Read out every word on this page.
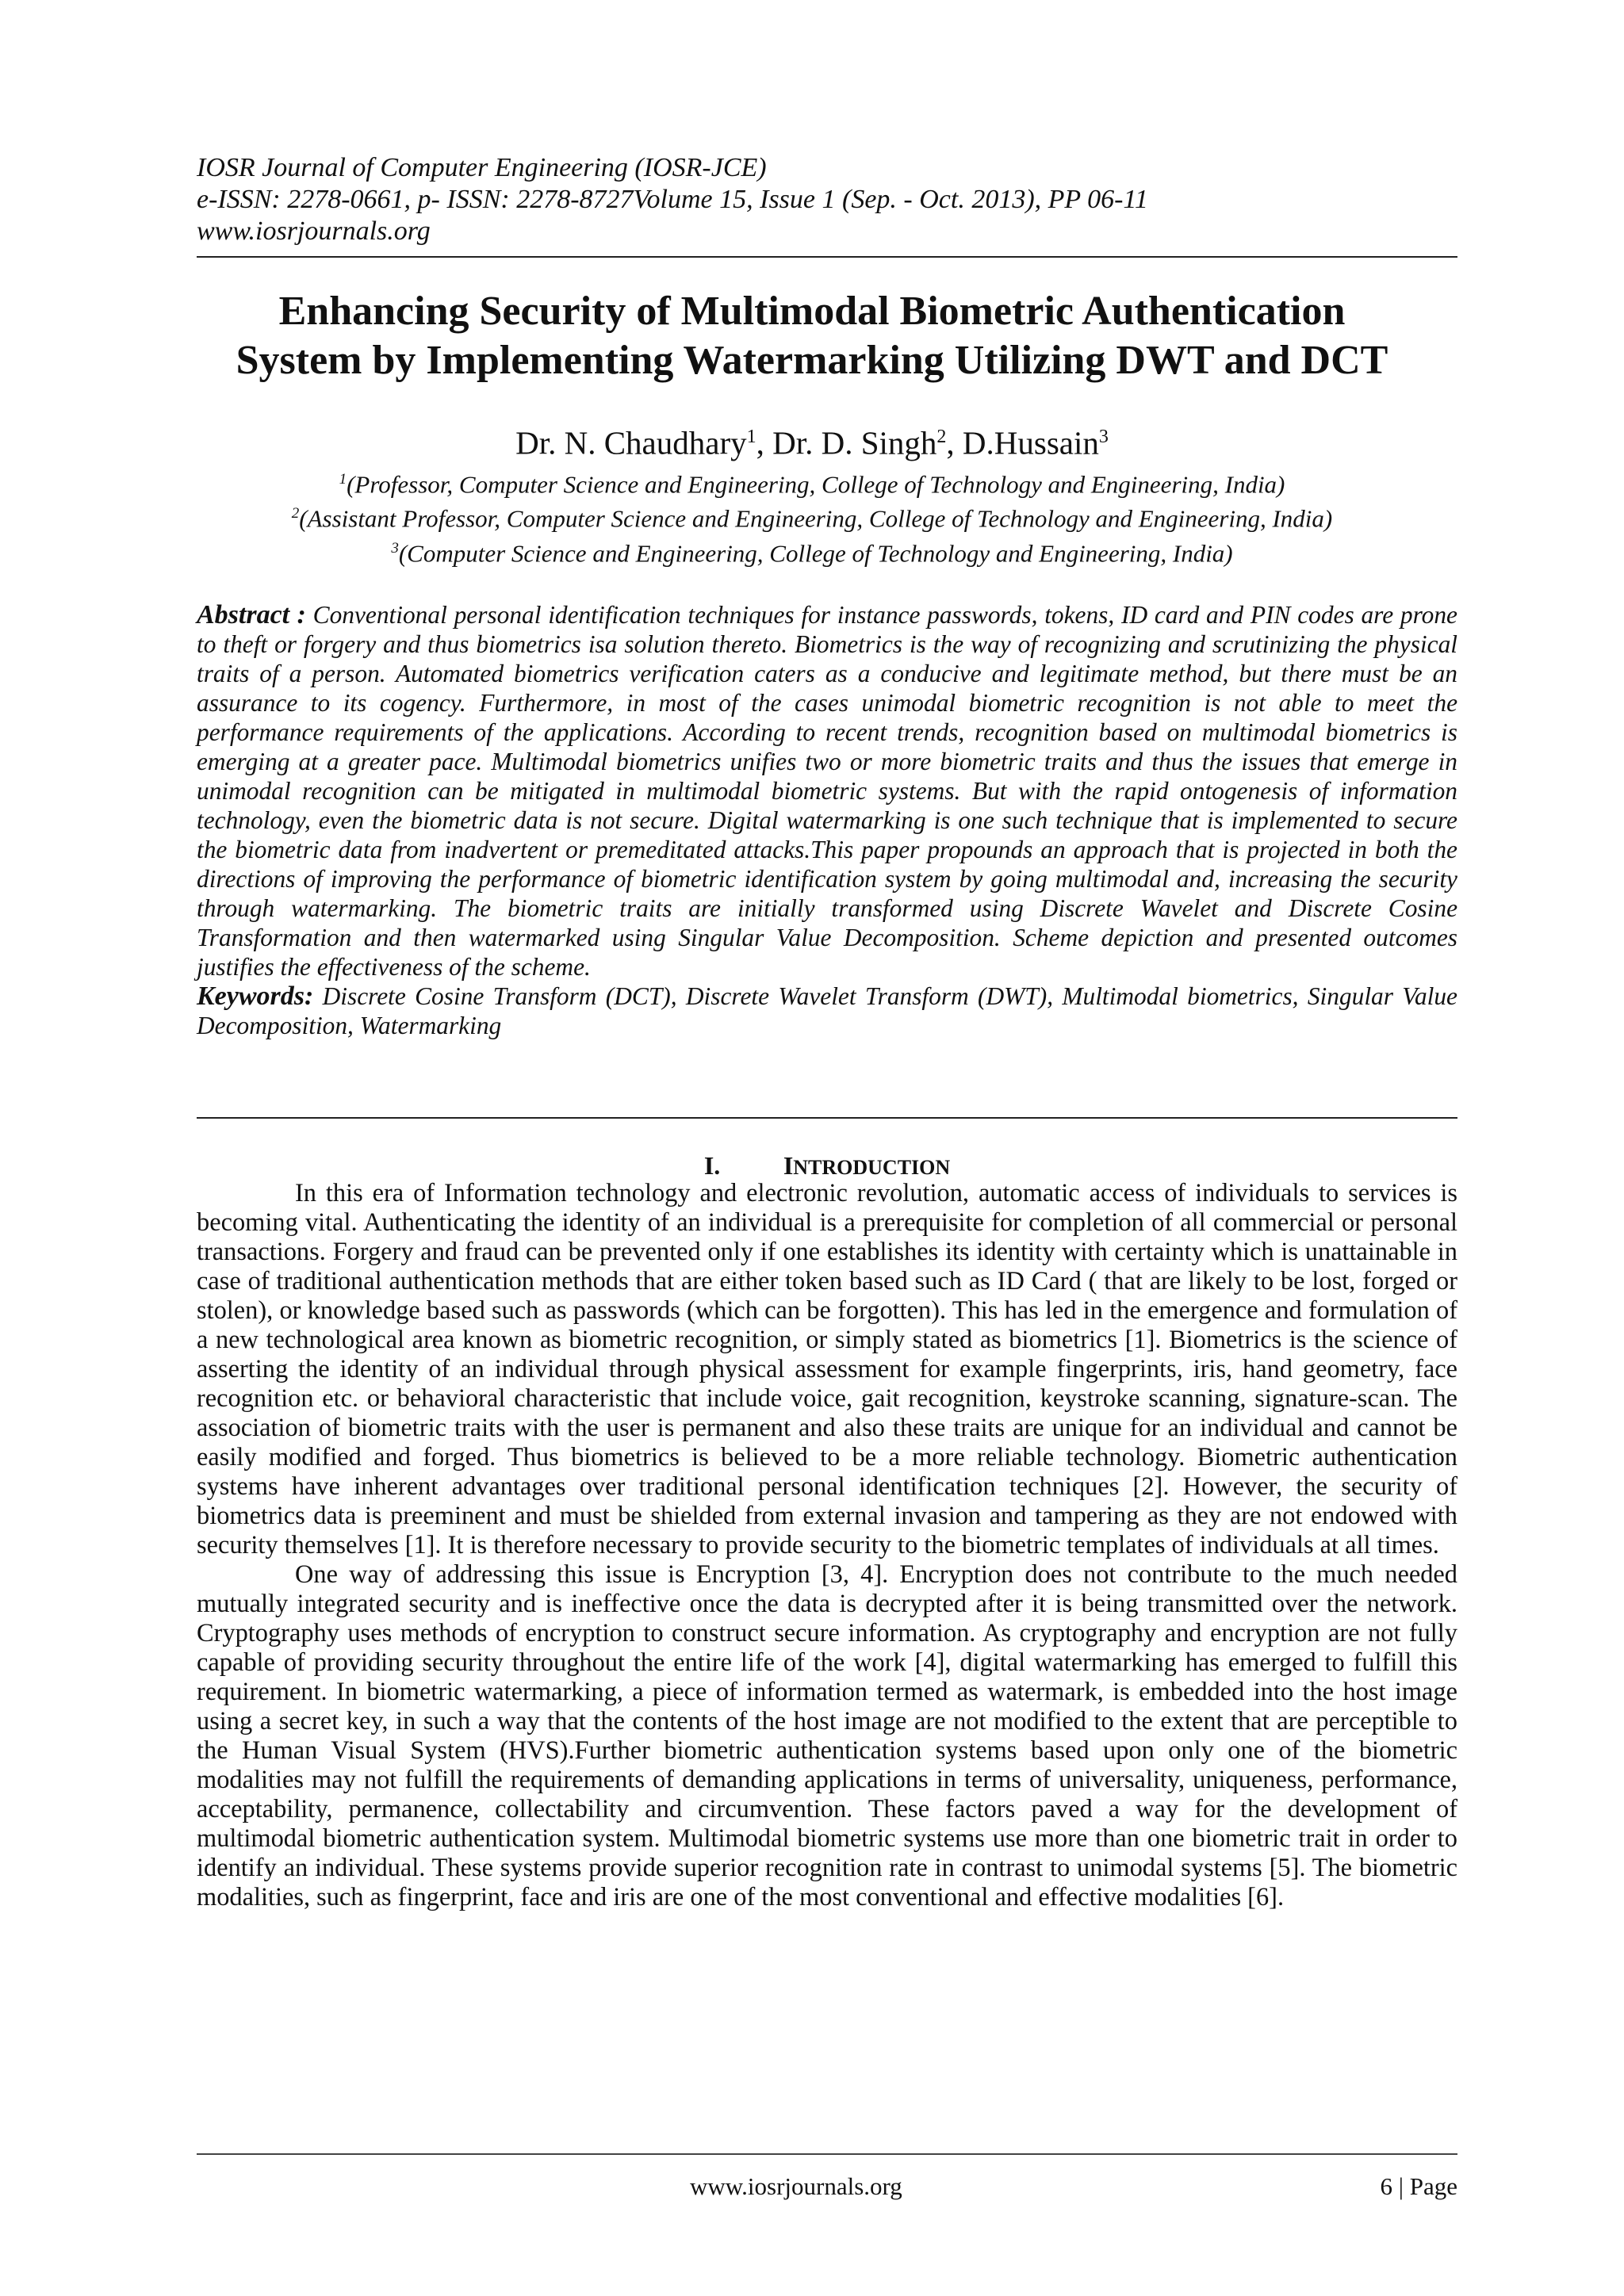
IOSR Journal of Computer Engineering (IOSR-JCE)
e-ISSN: 2278-0661, p- ISSN: 2278-8727Volume 15, Issue 1 (Sep. - Oct. 2013), PP 06-11
www.iosrjournals.org
Enhancing Security of Multimodal Biometric Authentication
System by Implementing Watermarking Utilizing DWT and DCT
Dr. N. Chaudhary$^1$, Dr. D. Singh$^2$, D.Hussain$^3$
$^1$(Professor, Computer Science and Engineering, College of Technology and Engineering, India)
$^2$(Assistant Professor, Computer Science and Engineering, College of Technology and Engineering, India)
$^3$(Computer Science and Engineering, College of Technology and Engineering, India)
Abstract : Conventional personal identification techniques for instance passwords, tokens, ID card and PIN codes are prone to theft or forgery and thus biometrics isa solution thereto. Biometrics is the way of recognizing and scrutinizing the physical traits of a person. Automated biometrics verification caters as a conducive and legitimate method, but there must be an assurance to its cogency. Furthermore, in most of the cases unimodal biometric recognition is not able to meet the performance requirements of the applications. According to recent trends, recognition based on multimodal biometrics is emerging at a greater pace. Multimodal biometrics unifies two or more biometric traits and thus the issues that emerge in unimodal recognition can be mitigated in multimodal biometric systems. But with the rapid ontogenesis of information technology, even the biometric data is not secure. Digital watermarking is one such technique that is implemented to secure the biometric data from inadvertent or premeditated attacks.This paper propounds an approach that is projected in both the directions of improving the performance of biometric identification system by going multimodal and, increasing the security through watermarking. The biometric traits are initially transformed using Discrete Wavelet and Discrete Cosine Transformation and then watermarked using Singular Value Decomposition. Scheme depiction and presented outcomes justifies the effectiveness of the scheme.
Keywords: Discrete Cosine Transform (DCT), Discrete Wavelet Transform (DWT), Multimodal biometrics, Singular Value Decomposition, Watermarking
I. INTRODUCTION

In this era of Information technology and electronic revolution, automatic access of individuals to services is becoming vital. Authenticating the identity of an individual is a prerequisite for completion of all commercial or personal transactions. Forgery and fraud can be prevented only if one establishes its identity with certainty which is unattainable in case of traditional authentication methods that are either token based such as ID Card ( that are likely to be lost, forged or stolen), or knowledge based such as passwords (which can be forgotten). This has led in the emergence and formulation of a new technological area known as biometric recognition, or simply stated as biometrics [1]. Biometrics is the science of asserting the identity of an individual through physical assessment for example fingerprints, iris, hand geometry, face recognition etc. or behavioral characteristic that include voice, gait recognition, keystroke scanning, signature-scan. The association of biometric traits with the user is permanent and also these traits are unique for an individual and cannot be easily modified and forged. Thus biometrics is believed to be a more reliable technology. Biometric authentication systems have inherent advantages over traditional personal identification techniques [2]. However, the security of biometrics data is preeminent and must be shielded from external invasion and tampering as they are not endowed with security themselves [1]. It is therefore necessary to provide security to the biometric templates of individuals at all times.

One way of addressing this issue is Encryption [3, 4]. Encryption does not contribute to the much needed mutually integrated security and is ineffective once the data is decrypted after it is being transmitted over the network. Cryptography uses methods of encryption to construct secure information. As cryptography and encryption are not fully capable of providing security throughout the entire life of the work [4], digital watermarking has emerged to fulfill this requirement. In biometric watermarking, a piece of information termed as watermark, is embedded into the host image using a secret key, in such a way that the contents of the host image are not modified to the extent that are perceptible to the Human Visual System (HVS).Further biometric authentication systems based upon only one of the biometric modalities may not fulfill the requirements of demanding applications in terms of universality, uniqueness, performance, acceptability, permanence, collectability and circumvention. These factors paved a way for the development of multimodal biometric authentication system. Multimodal biometric systems use more than one biometric trait in order to identify an individual. These systems provide superior recognition rate in contrast to unimodal systems [5]. The biometric modalities, such as fingerprint, face and iris are one of the most conventional and effective modalities [6].

www.iosrjournals.org	6 | Page
